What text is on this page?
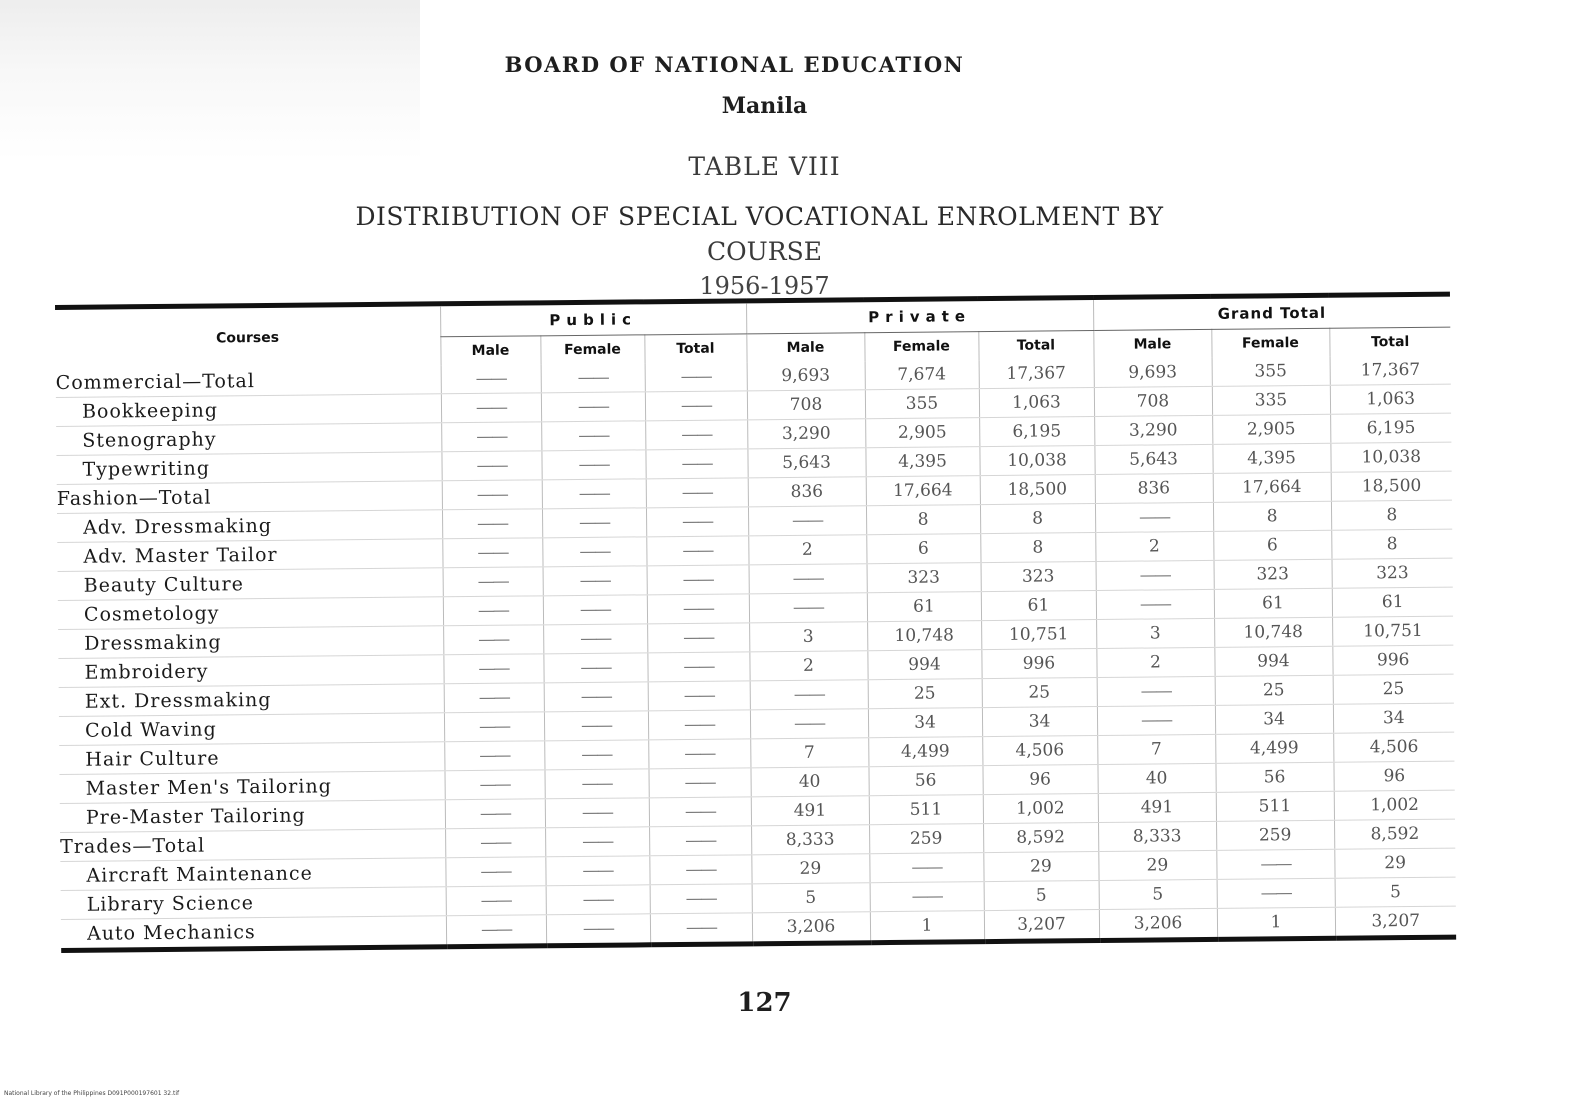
BOARD OF NATIONAL EDUCATION
Manila
TABLE VIII
DISTRIBUTION OF SPECIAL VOCATIONAL ENROLMENT BY
COURSE
1956-1957
Courses	Public			Private			Grand Total		
	Male	Female	Total	Male	Female	Total	Male	Female	Total
Commercial—Total	——	——	——	9,693	7,674	17,367	9,693	355	17,367
Bookkeeping	——	——	——	708	355	1,063	708	335	1,063
Stenography	——	——	——	3,290	2,905	6,195	3,290	2,905	6,195
Typewriting	——	——	——	5,643	4,395	10,038	5,643	4,395	10,038
Fashion—Total	——	——	——	836	17,664	18,500	836	17,664	18,500
Adv. Dressmaking	——	——	——	——	8	8	——	8	8
Adv. Master Tailor	——	——	——	2	6	8	2	6	8
Beauty Culture	——	——	——	——	323	323	——	323	323
Cosmetology	——	——	——	——	61	61	——	61	61
Dressmaking	——	——	——	3	10,748	10,751	3	10,748	10,751
Embroidery	——	——	——	2	994	996	2	994	996
Ext. Dressmaking	——	——	——	——	25	25	——	25	25
Cold Waving	——	——	——	——	34	34	——	34	34
Hair Culture	——	——	——	7	4,499	4,506	7	4,499	4,506
Master Men's Tailoring	——	——	——	40	56	96	40	56	96
Pre-Master Tailoring	——	——	——	491	511	1,002	491	511	1,002
Trades—Total	——	——	——	8,333	259	8,592	8,333	259	8,592
Aircraft Maintenance	——	——	——	29	——	29	29	——	29
Library Science	——	——	——	5	——	5	5	——	5
Auto Mechanics	——	——	——	3,206	1	3,207	3,206	1	3,207
127
National Library of the Philippines D091P000197601 32.tif
